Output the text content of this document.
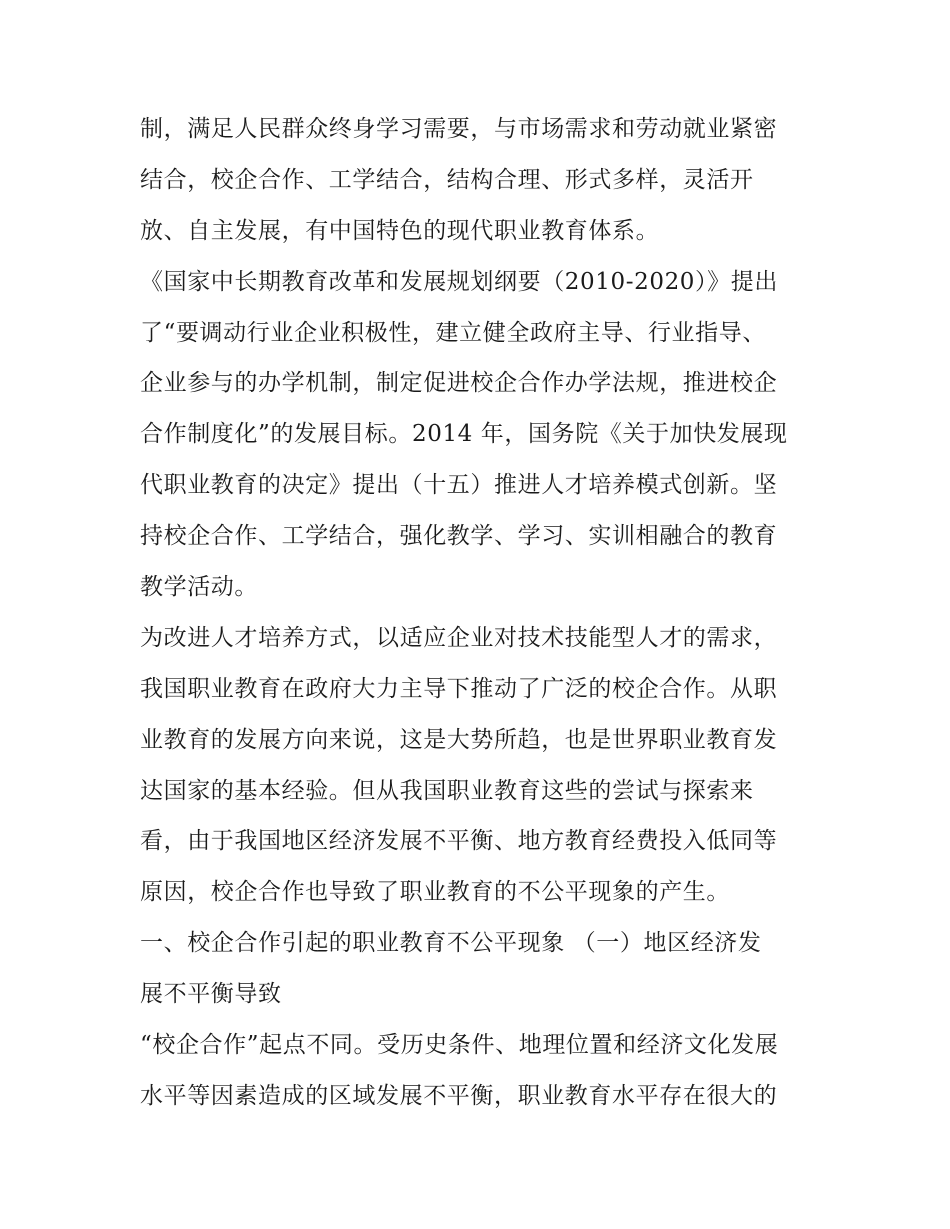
制，满足人民群众终身学习需要，与市场需求和劳动就业紧密
结合，校企合作、工学结合，结构合理、形式多样，灵活开
放、自主发展，有中国特色的现代职业教育体系。
《国家中长期教育改革和发展规划纲要（2010-2020）》提出
了“要调动行业企业积极性，建立健全政府主导、行业指导、
企业参与的办学机制，制定促进校企合作办学法规，推进校企
合作制度化”的发展目标。2014 年，国务院《关于加快发展现
代职业教育的决定》提出（十五）推进人才培养模式创新。坚
持校企合作、工学结合，强化教学、学习、实训相融合的教育
教学活动。
为改进人才培养方式，以适应企业对技术技能型人才的需求，
我国职业教育在政府大力主导下推动了广泛的校企合作。从职
业教育的发展方向来说，这是大势所趋，也是世界职业教育发
达国家的基本经验。但从我国职业教育这些的尝试与探索来
看，由于我国地区经济发展不平衡、地方教育经费投入低同等
原因，校企合作也导致了职业教育的不公平现象的产生。
一、校企合作引起的职业教育不公平现象 （一）地区经济发
展不平衡导致
“校企合作”起点不同。受历史条件、地理位置和经济文化发展
水平等因素造成的区域发展不平衡，职业教育水平存在很大的
